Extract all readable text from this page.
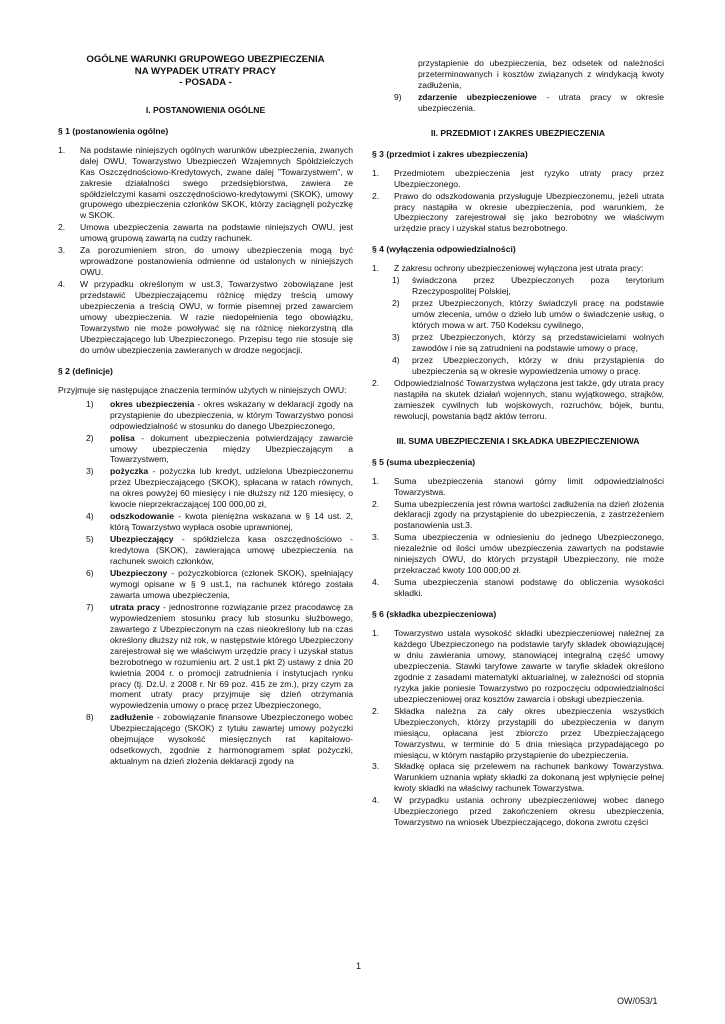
OGÓLNE WARUNKI GRUPOWEGO UBEZPIECZENIA

NA WYPADEK UTRATY PRACY

- POSADA -

I. POSTANOWIENIA OGÓLNE
§ 1 (postanowienia ogólne)
1. Na podstawie niniejszych ogólnych warunków ubezpieczenia, zwanych dalej OWU, Towarzystwo Ubezpieczeń Wzajemnych Spółdzielczych Kas Oszczędnościowo-Kredytowych, zwane dalej "Towarzystwem", w zakresie działalności swego przedsiębiorstwa, zawiera ze spółdzielczymi kasami oszczędnościowo-kredytowymi (SKOK), umowy grupowego ubezpieczenia członków SKOK, którzy zaciągnęli pożyczkę w SKOK.
2. Umowa ubezpieczenia zawarta na podstawie niniejszych OWU, jest umową grupową zawartą na cudzy rachunek.
3. Za porozumieniem stron, do umowy ubezpieczenia mogą być wprowadzone postanowienia odmienne od ustalonych w niniejszych OWU.
4. W przypadku określonym w ust.3, Towarzystwo zobowiązane jest przedstawić Ubezpieczającemu różnicę między treścią umowy ubezpieczenia a treścią OWU, w formie pisemnej przed zawarciem umowy ubezpieczenia. W razie niedopełnienia tego obowiązku, Towarzystwo nie może powoływać się na różnicę niekorzystną dla Ubezpieczającego lub Ubezpieczonego. Przepisu tego nie stosuje się do umów ubezpieczenia zawieranych w drodze negocjacji.
§ 2 (definicje)

Przyjmuje się następujące znaczenia terminów użytych w niniejszych OWU:

1) okres ubezpieczenia - okres wskazany w deklaracji zgody na przystąpienie do ubezpieczenia, w którym Towarzystwo ponosi odpowiedzialność w stosunku do danego Ubezpieczonego,
2) polisa - dokument ubezpieczenia potwierdzający zawarcie umowy ubezpieczenia między Ubezpieczającym a Towarzystwem,
3) pożyczka - pożyczka lub kredyt, udzielona Ubezpieczonemu przez Ubezpieczającego (SKOK), spłacana w ratach równych, na okres powyżej 60 miesięcy i nie dłuższy niż 120 miesięcy, o kwocie nieprzekraczającej 100 000,00 zł,
4) odszkodowanie - kwota pieniężna wskazana w § 14 ust. 2, którą Towarzystwo wypłaca osobie uprawnionej,
5) Ubezpieczający - spółdzielcza kasa oszczędnościowo - kredytowa (SKOK), zawierająca umowę ubezpieczenia na rachunek swoich członków,
6) Ubezpieczony - pożyczkobiorca (członek SKOK), spełniający wymogi opisane w § 9 ust.1, na rachunek którego została zawarta umowa ubezpieczenia,
7) utrata pracy - jednostronne rozwiązanie przez pracodawcę za wypowiedzeniem stosunku pracy lub stosunku służbowego, zawartego z Ubezpieczonym na czas nieokreślony lub na czas określony dłuższy niż rok, w następstwie którego Ubezpieczony zarejestrował się we właściwym urzędzie pracy i uzyskał status bezrobotnego w rozumieniu art. 2 ust.1 pkt 2) ustawy z dnia 20 kwietnia 2004 r. o promocji zatrudnienia i instytucjach rynku pracy (tj. Dz.U. z 2008 r. Nr 69 poz. 415 ze zm.), przy czym za moment utraty pracy przyjmuje się dzień otrzymania wypowiedzenia umowy o pracę przez Ubezpieczonego,
8) zadłużenie - zobowiązanie finansowe Ubezpieczonego wobec Ubezpieczającego (SKOK) z tytułu zawartej umowy pożyczki obejmujące wysokość miesięcznych rat kapitałowo-odsetkowych, zgodnie z harmonogramem spłat pożyczki, aktualnym na dzień złożenia deklaracji zgody na
przystąpienie do ubezpieczenia, bez odsetek od należności przeterminowanych i kosztów związanych z windykacją kwoty zadłużenia,
9) zdarzenie ubezpieczeniowe - utrata pracy w okresie ubezpieczenia.
II. PRZEDMIOT I ZAKRES UBEZPIECZENIA
§ 3 (przedmiot i zakres ubezpieczenia)
1. Przedmiotem ubezpieczenia jest ryzyko utraty pracy przez Ubezpieczonego.
2. Prawo do odszkodowania przysługuje Ubezpieczonemu, jeżeli utrata pracy nastąpiła w okresie ubezpieczenia, pod warunkiem, że Ubezpieczony zarejestrował się jako bezrobotny we właściwym urzędzie pracy i uzyskał status bezrobotnego.
§ 4 (wyłączenia odpowiedzialności)
1. Z zakresu ochrony ubezpieczeniowej wyłączona jest utrata pracy:
1) świadczona przez Ubezpieczonych poza terytorium Rzeczypospolitej Polskiej,
2) przez Ubezpieczonych, którzy świadczyli pracę na podstawie umów zlecenia, umów o dzieło lub umów o świadczenie usług, o których mowa w art. 750 Kodeksu cywilnego,
3) przez Ubezpieczonych, którzy są przedstawicielami wolnych zawodów i nie są zatrudnieni na podstawie umowy o pracę,
4) przez Ubezpieczonych, którzy w dniu przystąpienia do ubezpieczenia są w okresie wypowiedzenia umowy o pracę.
2. Odpowiedzialność Towarzystwa wyłączona jest także, gdy utrata pracy nastąpiła na skutek działań wojennych, stanu wyjątkowego, strajków, zamieszek cywilnych lub wojskowych, rozruchów, bójek, buntu, rewolucji, powstania bądź aktów terroru.
III. SUMA UBEZPIECZENIA I SKŁADKA UBEZPIECZENIOWA
§ 5 (suma ubezpieczenia)
1. Suma ubezpieczenia stanowi górny limit odpowiedzialności Towarzystwa.
2. Suma ubezpieczenia jest równa wartości zadłużenia na dzień złożenia deklaracji zgody na przystąpienie do ubezpieczenia, z zastrzeżeniem postanowienia ust.3.
3. Suma ubezpieczenia w odniesieniu do jednego Ubezpieczonego, niezależnie od ilości umów ubezpieczenia zawartych na podstawie niniejszych OWU, do których przystąpił Ubezpieczony, nie może przekraczać kwoty 100 000,00 zł.
4. Suma ubezpieczenia stanowi podstawę do obliczenia wysokości składki.
§ 6 (składka ubezpieczeniowa)
1. Towarzystwo ustala wysokość składki ubezpieczeniowej należnej za każdego Ubezpieczonego na podstawie taryfy składek obowiązującej w dniu zawierania umowy, stanowiącej integralną część umowy ubezpieczenia. Stawki taryfowe zawarte w taryfie składek określono zgodnie z zasadami matematyki aktuarialnej, w zależności od stopnia ryzyka jakie poniesie Towarzystwo po rozpoczęciu odpowiedzialności ubezpieczeniowej oraz kosztów zawarcia i obsługi ubezpieczenia.
2. Składka należna za cały okres ubezpieczenia wszystkich Ubezpieczonych, którzy przystąpili do ubezpieczenia w danym miesiącu, opłacana jest zbiorczo przez Ubezpieczającego Towarzystwu, w terminie do 5 dnia miesiąca przypadającego po miesiącu, w którym nastąpiło przystąpienie do ubezpieczenia.
3. Składkę opłaca się przelewem na rachunek bankowy Towarzystwa. Warunkiem uznania wpłaty składki za dokonaną jest wpłynięcie pełnej kwoty składki na właściwy rachunek Towarzystwa.
4. W przypadku ustania ochrony ubezpieczeniowej wobec danego Ubezpieczonego przed zakończeniem okresu ubezpieczenia, Towarzystwo na wniosek Ubezpieczającego, dokona zwrotu części
1
OW/053/1
